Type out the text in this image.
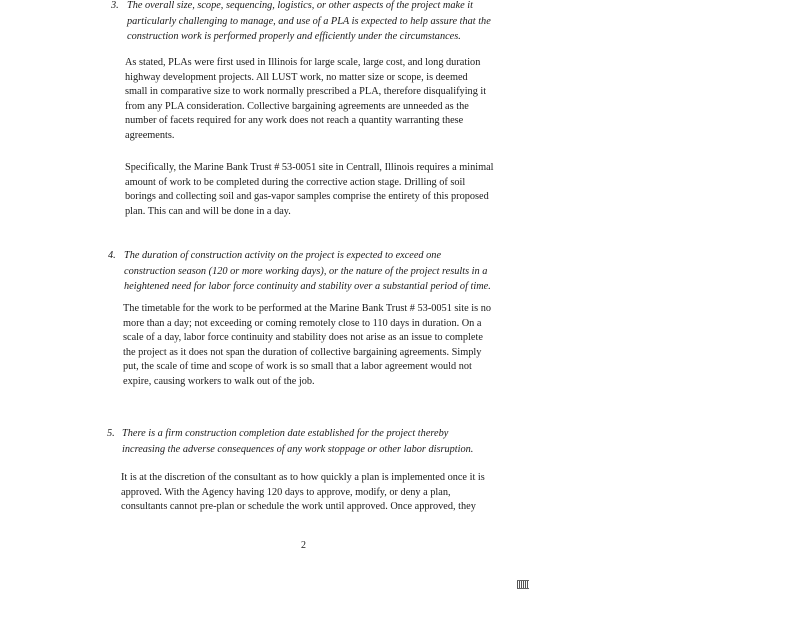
3. The overall size, scope, sequencing, logistics, or other aspects of the project make it
particularly challenging to manage, and use of a PLA is expected to help assure that the
construction work is performed properly and efficiently under the circumstances.
As stated, PLAs were first used in Illinois for large scale, large cost, and long duration
highway development projects. All LUST work, no matter size or scope, is deemed
small in comparative size to work normally prescribed a PLA, therefore disqualifying it
from any PLA consideration. Collective bargaining agreements are unneeded as the
number of facets required for any work does not reach a quantity warranting these
agreements.
Specifically, the Marine Bank Trust # 53-0051 site in Centrall, Illinois requires a minimal
amount of work to be completed during the corrective action stage. Drilling of soil
borings and collecting soil and gas-vapor samples comprise the entirety of this proposed
plan. This can and will be done in a day.
4. The duration of construction activity on the project is expected to exceed one
construction season (120 or more working days), or the nature of the project results in a
heightened need for labor force continuity and stability over a substantial period of time.
The timetable for the work to be performed at the Marine Bank Trust # 53-0051 site is no
more than a day; not exceeding or coming remotely close to 110 days in duration. On a
scale of a day, labor force continuity and stability does not arise as an issue to complete
the project as it does not span the duration of collective bargaining agreements. Simply
put, the scale of time and scope of work is so small that a labor agreement would not
expire, causing workers to walk out of the job.
5. There is a firm construction completion date established for the project thereby
increasing the adverse consequences of any work stoppage or other labor disruption.
It is at the discretion of the consultant as to how quickly a plan is implemented once it is
approved. With the Agency having 120 days to approve, modify, or deny a plan,
consultants cannot pre-plan or schedule the work until approved. Once approved, they
2
